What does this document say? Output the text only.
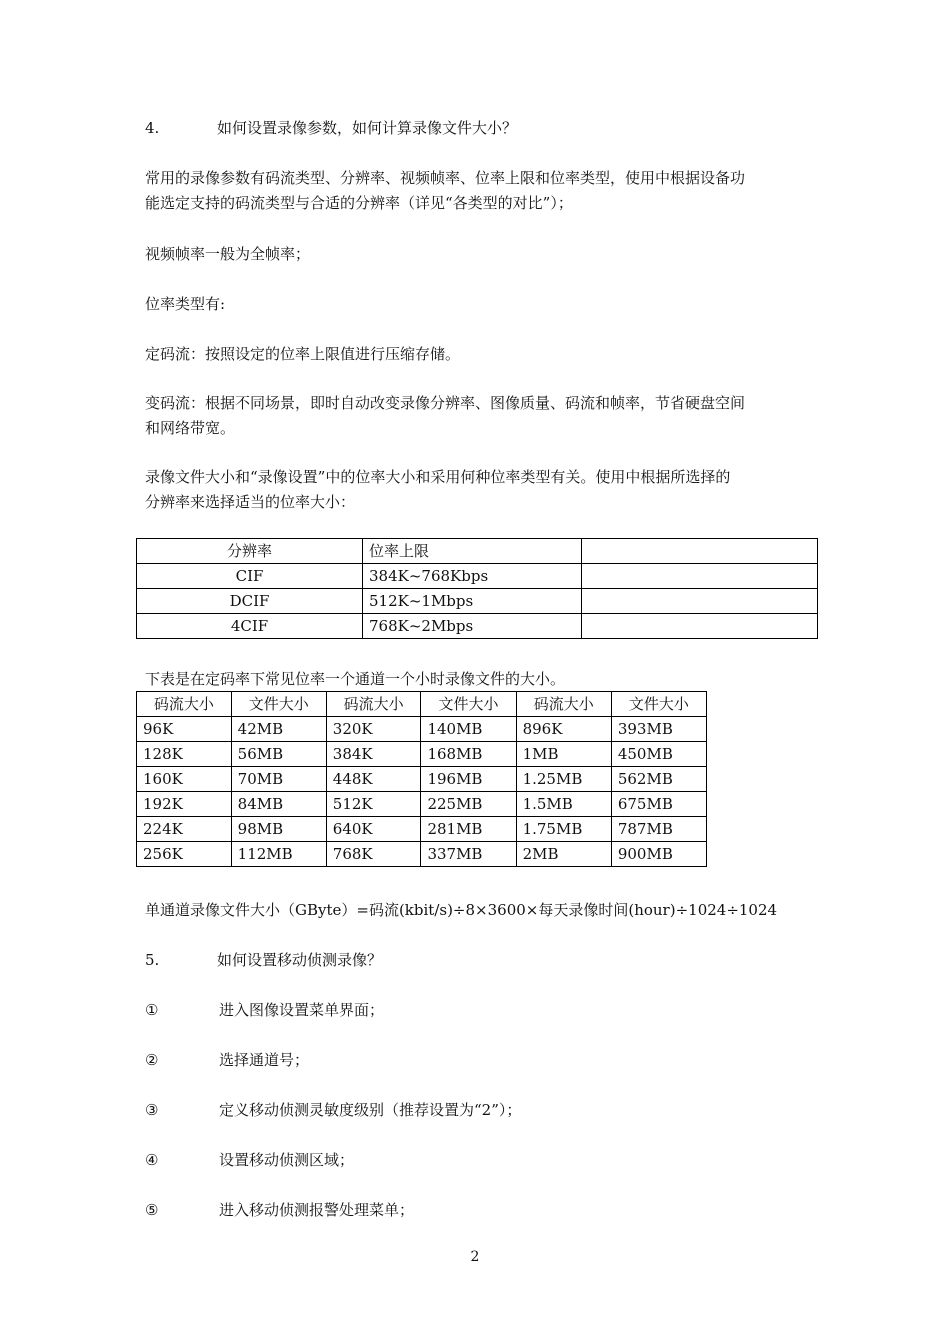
4.	如何设置录像参数，如何计算录像文件大小？
常用的录像参数有码流类型、分辨率、视频帧率、位率上限和位率类型，使用中根据设备功
能选定支持的码流类型与合适的分辨率（详见“各类型的对比”）；
视频帧率一般为全帧率；
位率类型有:
定码流：按照设定的位率上限值进行压缩存储。
变码流：根据不同场景，即时自动改变录像分辨率、图像质量、码流和帧率，节省硬盘空间
和网络带宽。
录像文件大小和“录像设置”中的位率大小和采用何种位率类型有关。使用中根据所选择的
分辨率来选择适当的位率大小：
分辨率	位率上限	
CIF	384K~768Kbps	
DCIF	512K~1Mbps	
4CIF	768K~2Mbps	
下表是在定码率下常见位率一个通道一个小时录像文件的大小。
码流大小	文件大小	码流大小	文件大小	码流大小	文件大小
96K	42MB	320K	140MB	896K	393MB
128K	56MB	384K	168MB	1MB	450MB
160K	70MB	448K	196MB	1.25MB	562MB
192K	84MB	512K	225MB	1.5MB	675MB
224K	98MB	640K	281MB	1.75MB	787MB
256K	112MB	768K	337MB	2MB	900MB
单通道录像文件大小（GByte）=码流(kbit/s)÷8×3600×每天录像时间(hour)÷1024÷1024
5.	如何设置移动侦测录像？
①	进入图像设置菜单界面；
②	选择通道号；
③	定义移动侦测灵敏度级别（推荐设置为“2”）；
④	设置移动侦测区域；
⑤	进入移动侦测报警处理菜单；
2
